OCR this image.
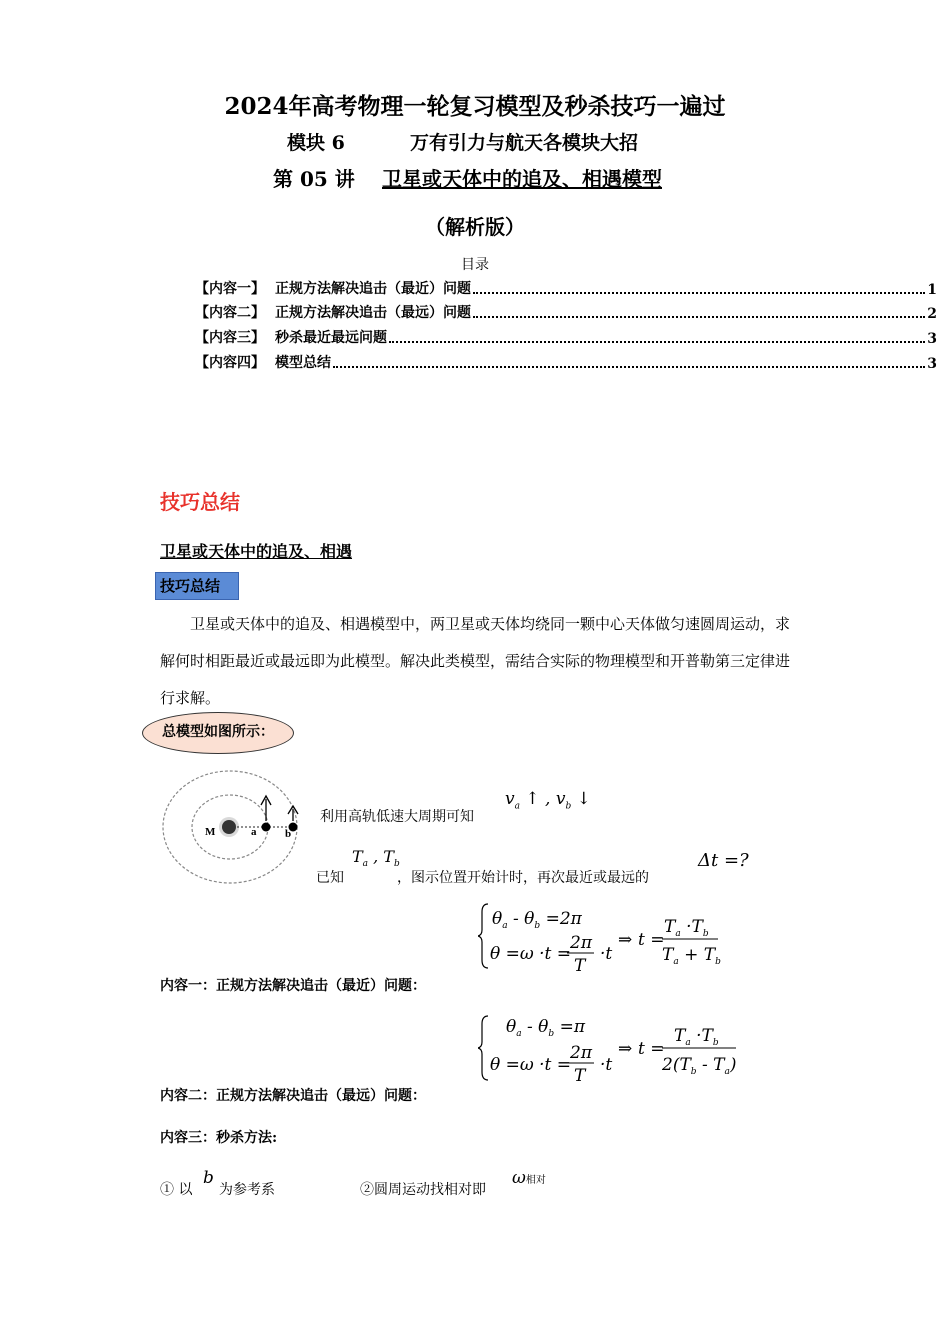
2024年高考物理一轮复习模型及秒杀技巧一遍过
模块 6	万有引力与航天各模块大招
第 05 讲 卫星或天体中的追及、相遇模型
（解析版）
目录
【内容一】 正规方法解决追击（最近）问题	1
【内容二】 正规方法解决追击（最远）问题	2
【内容三】 秒杀最近最远问题	3
【内容四】 模型总结	3
技巧总结
卫星或天体中的追及、相遇
技巧总结
卫星或天体中的追及、相遇模型中，两卫星或天体均绕同一颗中心天体做匀速圆周运动，求解何时相距最近或最远即为此模型。解决此类模型，需结合实际的物理模型和开普勒第三定律进行求解。
总模型如图所示：
M	a	b
$v_a$ ↑ , $v_b$ ↓
利用高轨低速大周期可知
$T_a$ , $T_b$
已知	，图示位置开始计时，再次最近或最远的
Δt =?
$\theta_a - \theta_b =2\pi$
θ =ω ·t =
2π
T
·t
⇒ t =
$T_a \cdot T_b$
$T_a + T_b$
内容一：正规方法解决追击（最近）问题：
$\theta_a - \theta_b =\pi$
θ =ω ·t =
2π
T
·t
⇒ t =
$T_a \cdot T_b$
$2(T_b - T_a)$
内容二：正规方法解决追击（最远）问题：
内容三：秒杀方法:
① 以
b
为参考系	②圆周运动找相对即
ω相对
